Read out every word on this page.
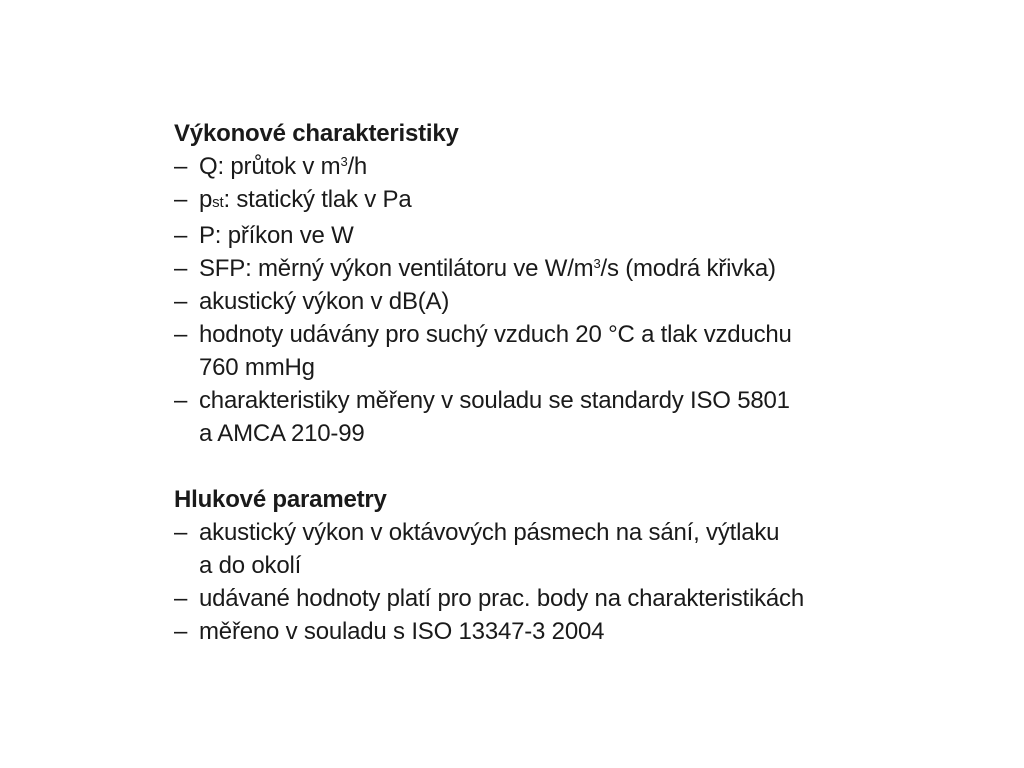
Výkonové charakteristiky
– Q: průtok v $m^3/h$
– pst: statický tlak v Pa
– P: příkon ve W
– SFP: měrný výkon ventilátoru ve $W/m^3/s$ (modrá křivka)
– akustický výkon v dB(A)
– hodnoty udávány pro suchý vzduch 20 °C a tlak vzduchu
760 mmHg
– charakteristiky měřeny v souladu se standardy ISO 5801
a AMCA 210-99
Hlukové parametry
– akustický výkon v oktávových pásmech na sání, výtlaku
a do okolí
– udávané hodnoty platí pro prac. body na charakteristikách
– měřeno v souladu s ISO 13347-3 2004
